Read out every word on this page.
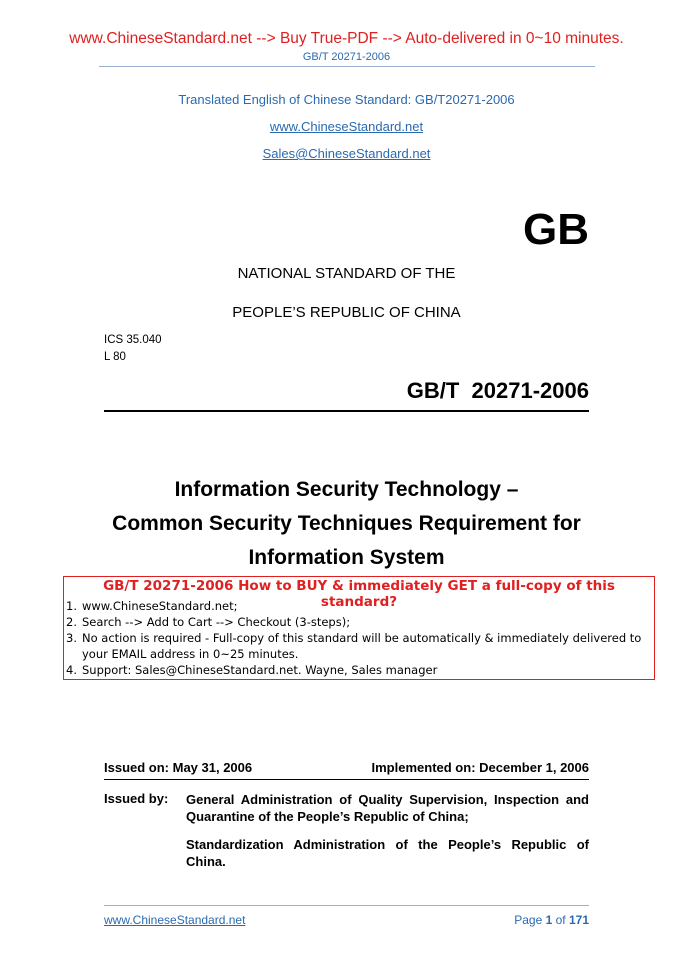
www.ChineseStandard.net --> Buy True-PDF --> Auto-delivered in 0~10 minutes.
GB/T 20271-2006
Translated English of Chinese Standard: GB/T20271-2006
www.ChineseStandard.net
Sales@ChineseStandard.net
GB
NATIONAL STANDARD OF THE
PEOPLE’S REPUBLIC OF CHINA
ICS 35.040
L 80
GB/T  20271-2006
Information Security Technology –
Common Security Techniques Requirement for
Information System
GB/T 20271-2006 How to BUY & immediately GET a full-copy of this standard?
1. www.ChineseStandard.net;
2. Search --> Add to Cart --> Checkout (3-steps);
3. No action is required - Full-copy of this standard will be automatically & immediately delivered to
your EMAIL address in 0~25 minutes.
4. Support: Sales@ChineseStandard.net. Wayne, Sales manager
Issued on: May 31, 2006	Implemented on: December 1, 2006
Issued by: General Administration of Quality Supervision, Inspection and Quarantine of the People’s Republic of China;

Standardization Administration of the People’s Republic of China.

www.ChineseStandard.net	Page 1 of 171
